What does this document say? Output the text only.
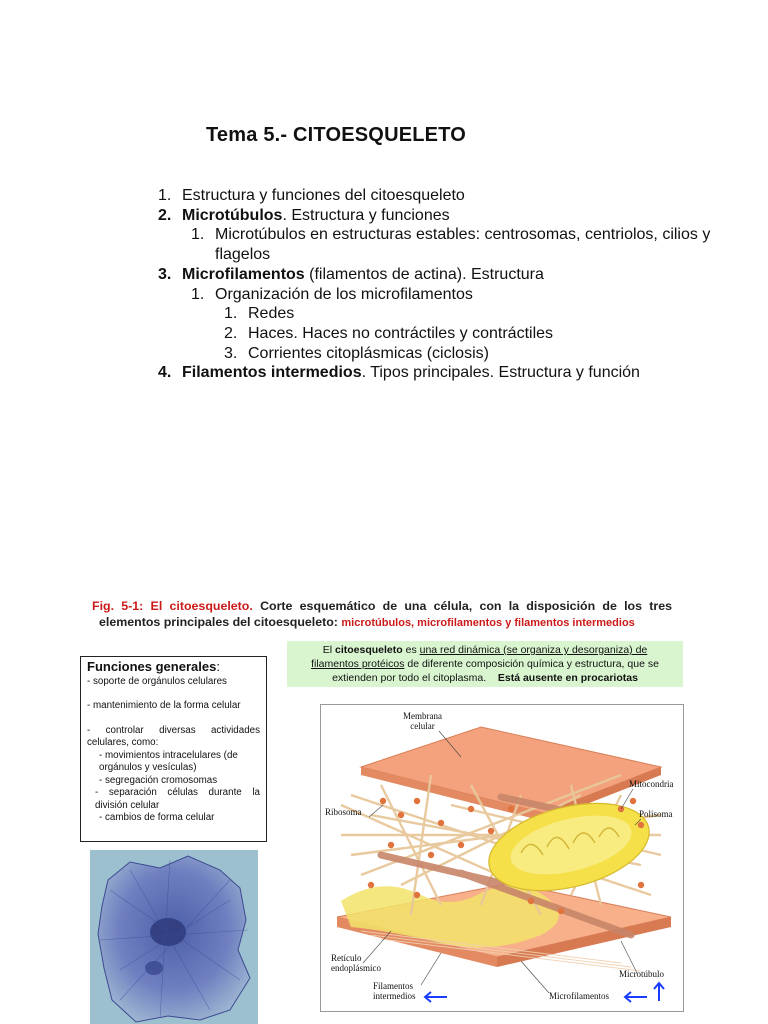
Tema 5.- CITOESQUELETO
1. Estructura y funciones del citoesqueleto
2. Microtúbulos. Estructura y funciones
1. Microtúbulos en estructuras estables: centrosomas, centriolos, cilios y flagelos
3. Microfilamentos (filamentos de actina). Estructura
1. Organización de los microfilamentos
1. Redes
2. Haces. Haces no contráctiles y contráctiles
3. Corrientes citoplásmicas (ciclosis)
4. Filamentos intermedios. Tipos principales. Estructura y función
Fig. 5-1: El citoesqueleto. Corte esquemático de una célula, con la disposición de los tres
elementos principales del citoesqueleto: microtúbulos, microfilamentos y filamentos intermedios
El citoesqueleto es una red dinámica (se organiza y desorganiza) de
filamentos protéicos de diferente composición química y estructura, que se
extienden por todo el citoplasma. Está ausente en procariotas
Funciones generales:
- soporte de orgánulos celulares
- mantenimiento de la forma celular
- controlar diversas actividades celulares, como:
- movimientos intracelulares (de orgánulos y vesículas)
- segregación cromosomas
- separación células durante la división celular
- cambios de forma celular
Membrana
celular
Mitocondria
Ribosoma	Polisoma
Retículo
endoplásmico
Microtúbulo
Filamentos
intermedios	Microfilamentos
